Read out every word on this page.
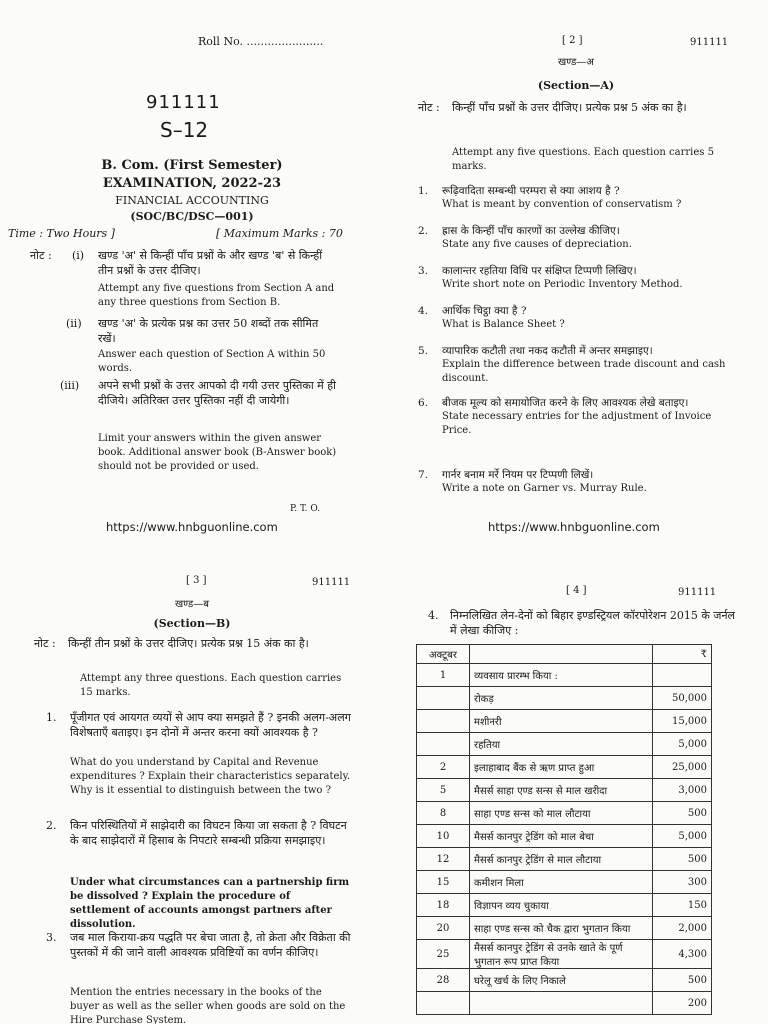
Roll No. ......................
911111
S–12
B. Com. (First Semester)
EXAMINATION, 2022-23
FINANCIAL ACCOUNTING
(SOC/BC/DSC—001)
Time : Two Hours ]	[ Maximum Marks : 70
नोट : (i) खण्ड 'अ' से किन्हीं पाँच प्रश्नों के और खण्ड 'ब' से किन्हीं तीन प्रश्नों के उत्तर दीजिए।
Attempt any five questions from Section A and any three questions from Section B.
(ii) खण्ड 'अ' के प्रत्येक प्रश्न का उत्तर 50 शब्दों तक सीमित रखें।
Answer each question of Section A within 50 words.
(iii) अपने सभी प्रश्नों के उत्तर आपको दी गयी उत्तर पुस्तिका में ही दीजिये। अतिरिक्त उत्तर पुस्तिका नहीं दी जायेगी।
Limit your answers within the given answer book. Additional answer book (B-Answer book) should not be provided or used.
P. T. O.
https://www.hnbguonline.com
[ 2 ]	911111
खण्ड—अ
(Section—A)
नोट : किन्हीं पाँच प्रश्नों के उत्तर दीजिए। प्रत्येक प्रश्न 5 अंक का है।
Attempt any five questions. Each question carries 5 marks.
1. रूढ़िवादिता सम्बन्धी परम्परा से क्या आशय है ?
What is meant by convention of conservatism ?
2. ह्रास के किन्हीं पाँच कारणों का उल्लेख कीजिए।
State any five causes of depreciation.
3. कालान्तर रहतिया विधि पर संक्षिप्त टिप्पणी लिखिए।
Write short note on Periodic Inventory Method.
4. आर्थिक चिट्ठा क्या है ?
What is Balance Sheet ?
5. व्यापारिक कटौती तथा नकद कटौती में अन्तर समझाइए।
Explain the difference between trade discount and cash discount.
6. बीजक मूल्य को समायोजित करने के लिए आवश्यक लेखे बताइए।
State necessary entries for the adjustment of Invoice Price.
7. गार्नर बनाम मर्रे नियम पर टिप्पणी लिखें।
Write a note on Garner vs. Murray Rule.
https://www.hnbguonline.com
[ 3 ]	911111
खण्ड—ब
(Section—B)
नोट : किन्हीं तीन प्रश्नों के उत्तर दीजिए। प्रत्येक प्रश्न 15 अंक का है।
Attempt any three questions. Each question carries 15 marks.
1. पूँजीगत एवं आयगत व्ययों से आप क्या समझते हैं ? इनकी अलग-अलग विशेषताएँ बताइए। इन दोनों में अन्तर करना क्यों आवश्यक है ?
What do you understand by Capital and Revenue expenditures ? Explain their characteristics separately. Why is it essential to distinguish between the two ?
2. किन परिस्थितियों में साझेदारी का विघटन किया जा सकता है ? विघटन के बाद साझेदारों में हिसाब के निपटारे सम्बन्धी प्रक्रिया समझाइए।
Under what circumstances can a partnership firm be dissolved ? Explain the procedure of settlement of accounts amongst partners after dissolution.
3. जब माल किराया-क्रय पद्धति पर बेचा जाता है, तो क्रेता और विक्रेता की पुस्तकों में की जाने वाली आवश्यक प्रविष्टियों का वर्णन कीजिए।
Mention the entries necessary in the books of the buyer as well as the seller when goods are sold on the Hire Purchase System.
[ 4 ]	911111
4. निम्नलिखित लेन-देनों को बिहार इण्डस्ट्रियल कॉरपोरेशन 2015 के जर्नल में लेखा कीजिए :
अक्टूबर		₹
1	व्यवसाय प्रारम्भ किया :	
	रोकड़	50,000
	मशीनरी	15,000
	रहतिया	5,000
2	इलाहाबाद बैंक से ऋण प्राप्त हुआ	25,000
5	मैसर्स साहा एण्ड सन्स से माल खरीदा	3,000
8	साहा एण्ड सन्स को माल लौटाया	500
10	मैसर्स कानपुर ट्रेडिंग को माल बेचा	5,000
12	मैसर्स कानपुर ट्रेडिंग से माल लौटाया	500
15	कमीशन मिला	300
18	विज्ञापन व्यय चुकाया	150
20	साहा एण्ड सन्स को चैक द्वारा भुगतान किया	2,000
25	मैसर्स कानपुर ट्रेडिंग से उनके खाते के पूर्ण भुगतान रूप प्राप्त किया	4,300
28	घरेलू खर्च के लिए निकाले	500
		200
